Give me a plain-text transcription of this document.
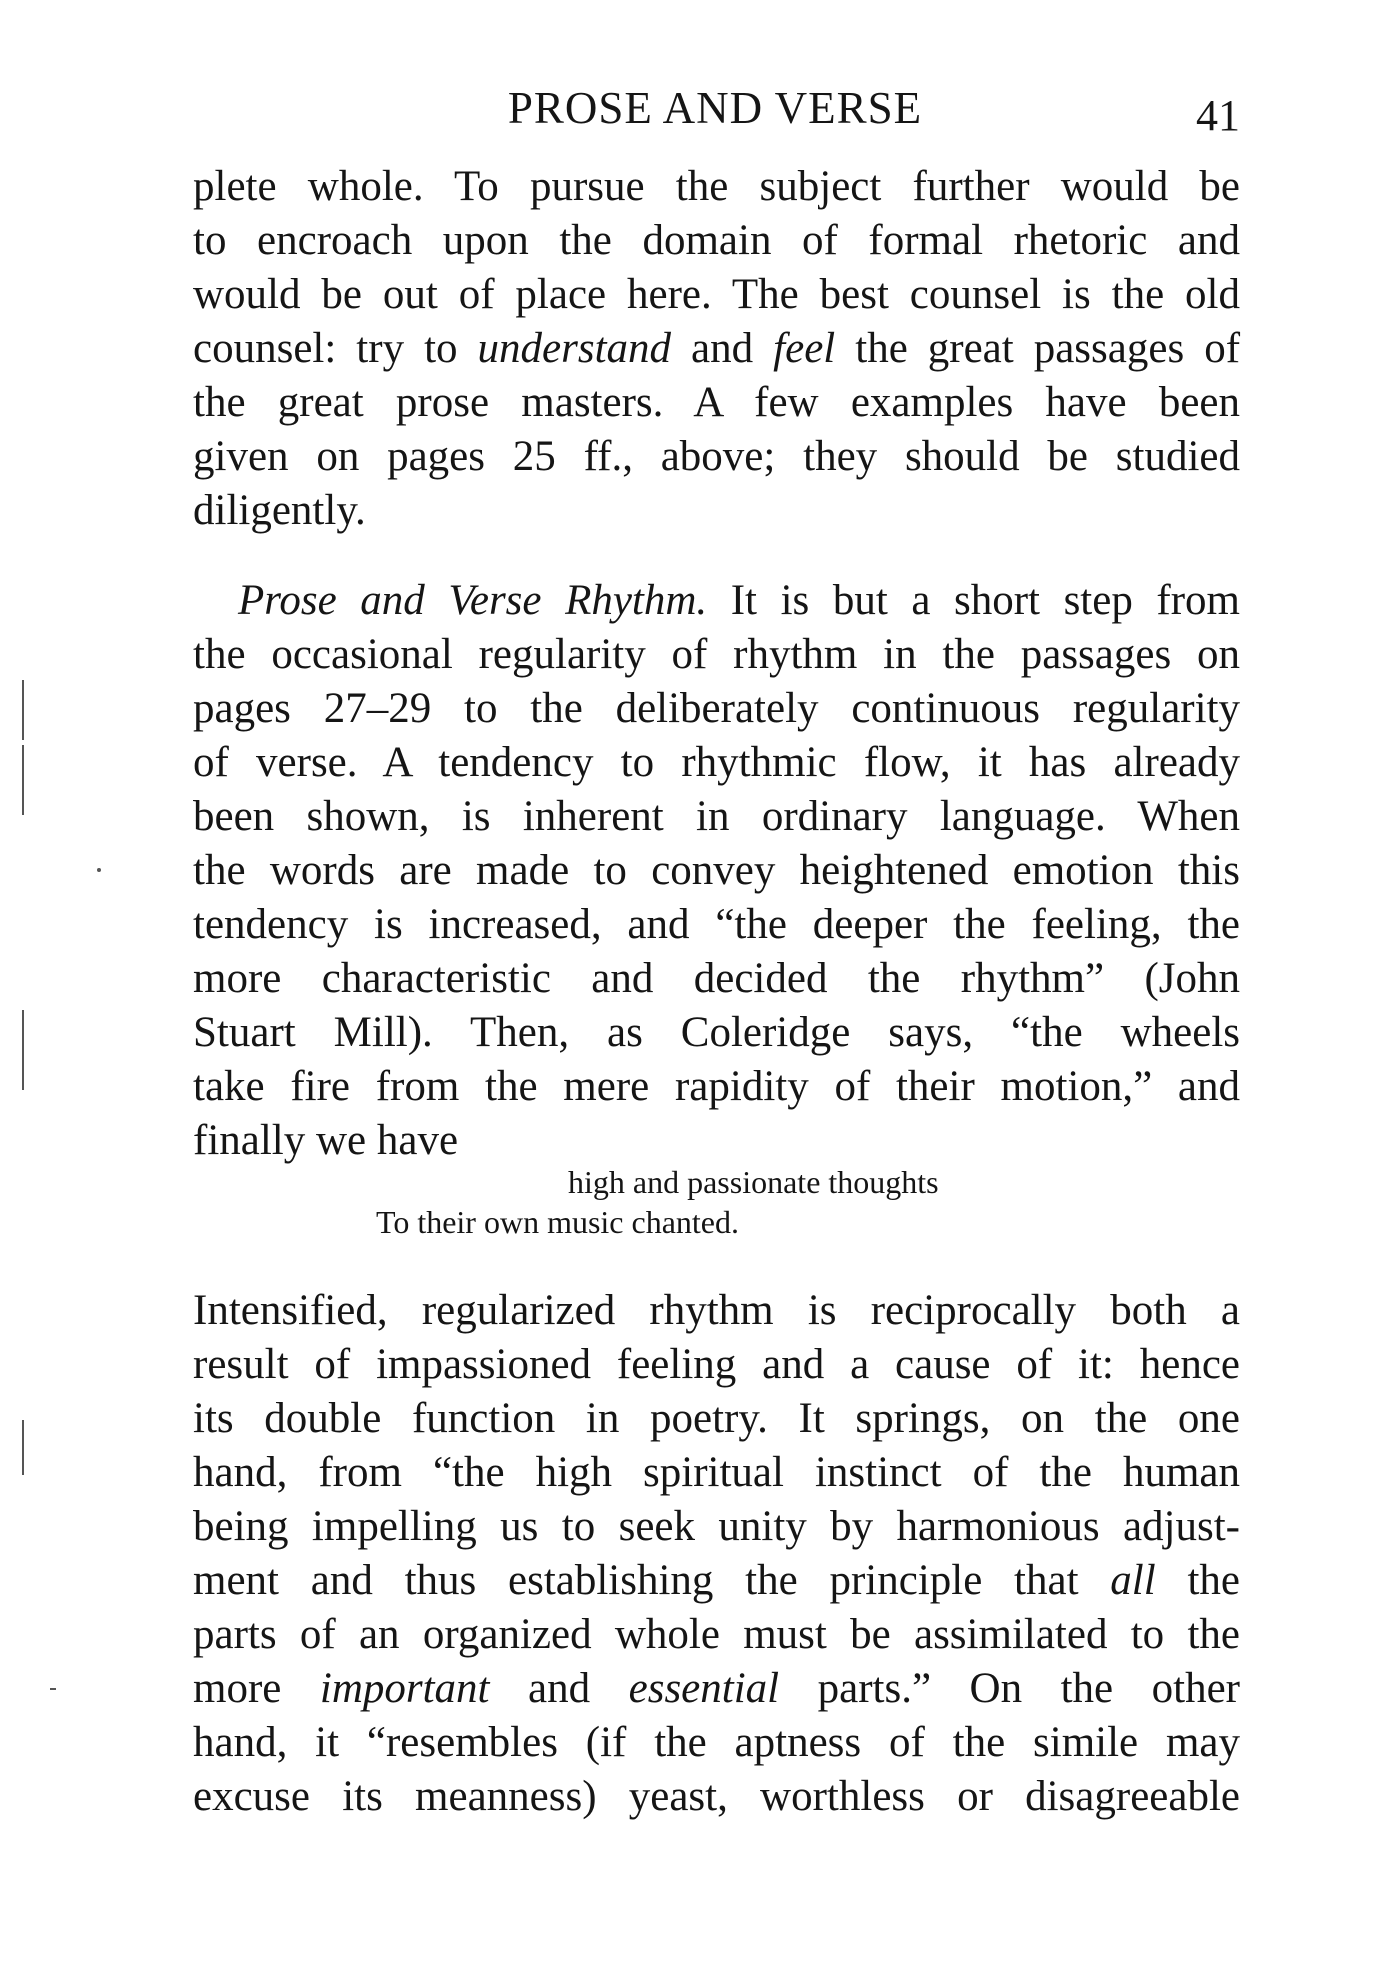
PROSE AND VERSE	41
plete whole. To pursue the subject further would be
to encroach upon the domain of formal rhetoric and
would be out of place here. The best counsel is the old
counsel: try to understand and feel the great passages of
the great prose masters. A few examples have been
given on pages 25 ff., above; they should be studied
diligently.
Prose and Verse Rhythm. It is but a short step from
the occasional regularity of rhythm in the passages on
pages 27–29 to the deliberately continuous regularity
of verse. A tendency to rhythmic flow, it has already
been shown, is inherent in ordinary language. When
the words are made to convey heightened emotion this
tendency is increased, and “the deeper the feeling, the
more characteristic and decided the rhythm” (John
Stuart Mill). Then, as Coleridge says, “the wheels
take fire from the mere rapidity of their motion,” and
finally we have
high and passionate thoughts
To their own music chanted.
Intensified, regularized rhythm is reciprocally both a
result of impassioned feeling and a cause of it: hence
its double function in poetry. It springs, on the one
hand, from “the high spiritual instinct of the human
being impelling us to seek unity by harmonious adjust-
ment and thus establishing the principle that all the
parts of an organized whole must be assimilated to the
more important and essential parts.” On the other
hand, it “resembles (if the aptness of the simile may
excuse its meanness) yeast, worthless or disagreeable
